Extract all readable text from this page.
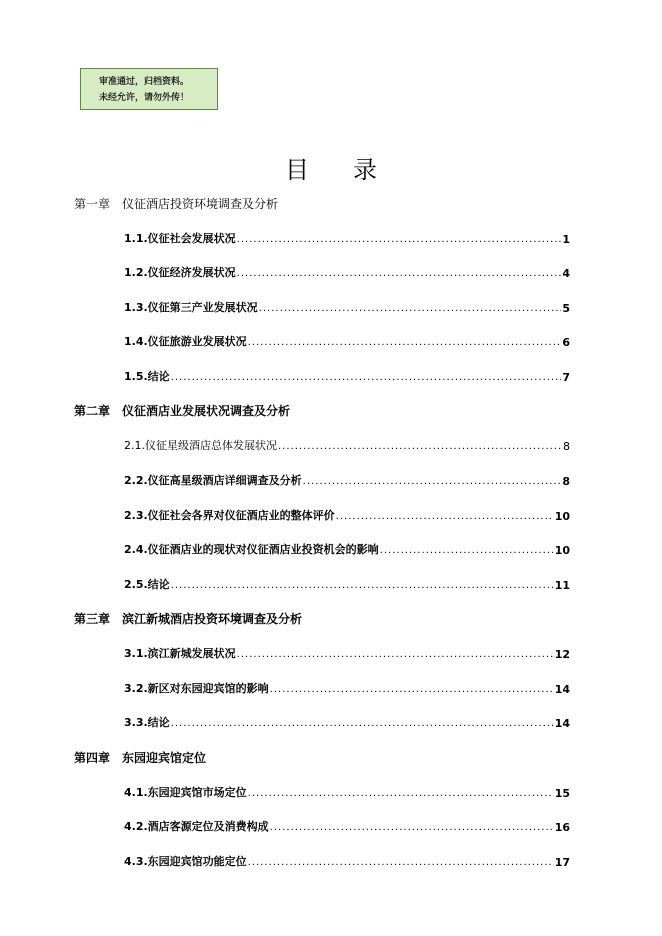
审准通过，归档资料。
未经允许，请勿外传！
目录
第一章 仪征酒店投资环境调查及分析
1.1.仪征社会发展状况 .....	1
1.2.仪征经济发展状况 .....	4
1.3.仪征第三产业发展状况 .....	5
1.4.仪征旅游业发展状况 .....	6
1.5.结论 .....	7
第二章 仪征酒店业发展状况调查及分析
2.1.仪征星级酒店总体发展状况 .....	8
2.2.仪征高星级酒店详细调查及分析 .....	8
2.3.仪征社会各界对仪征酒店业的整体评价 .....	10
2.4.仪征酒店业的现状对仪征酒店业投资机会的影响 .....	10
2.5.结论 .....	11
第三章 滨江新城酒店投资环境调查及分析
3.1.滨江新城发展状况 .....	12
3.2.新区对东园迎宾馆的影响 .....	14
3.3.结论 .....	14
第四章 东园迎宾馆定位
4.1.东园迎宾馆市场定位 .....	15
4.2.酒店客源定位及消费构成 .....	16
4.3.东园迎宾馆功能定位 .....	17
